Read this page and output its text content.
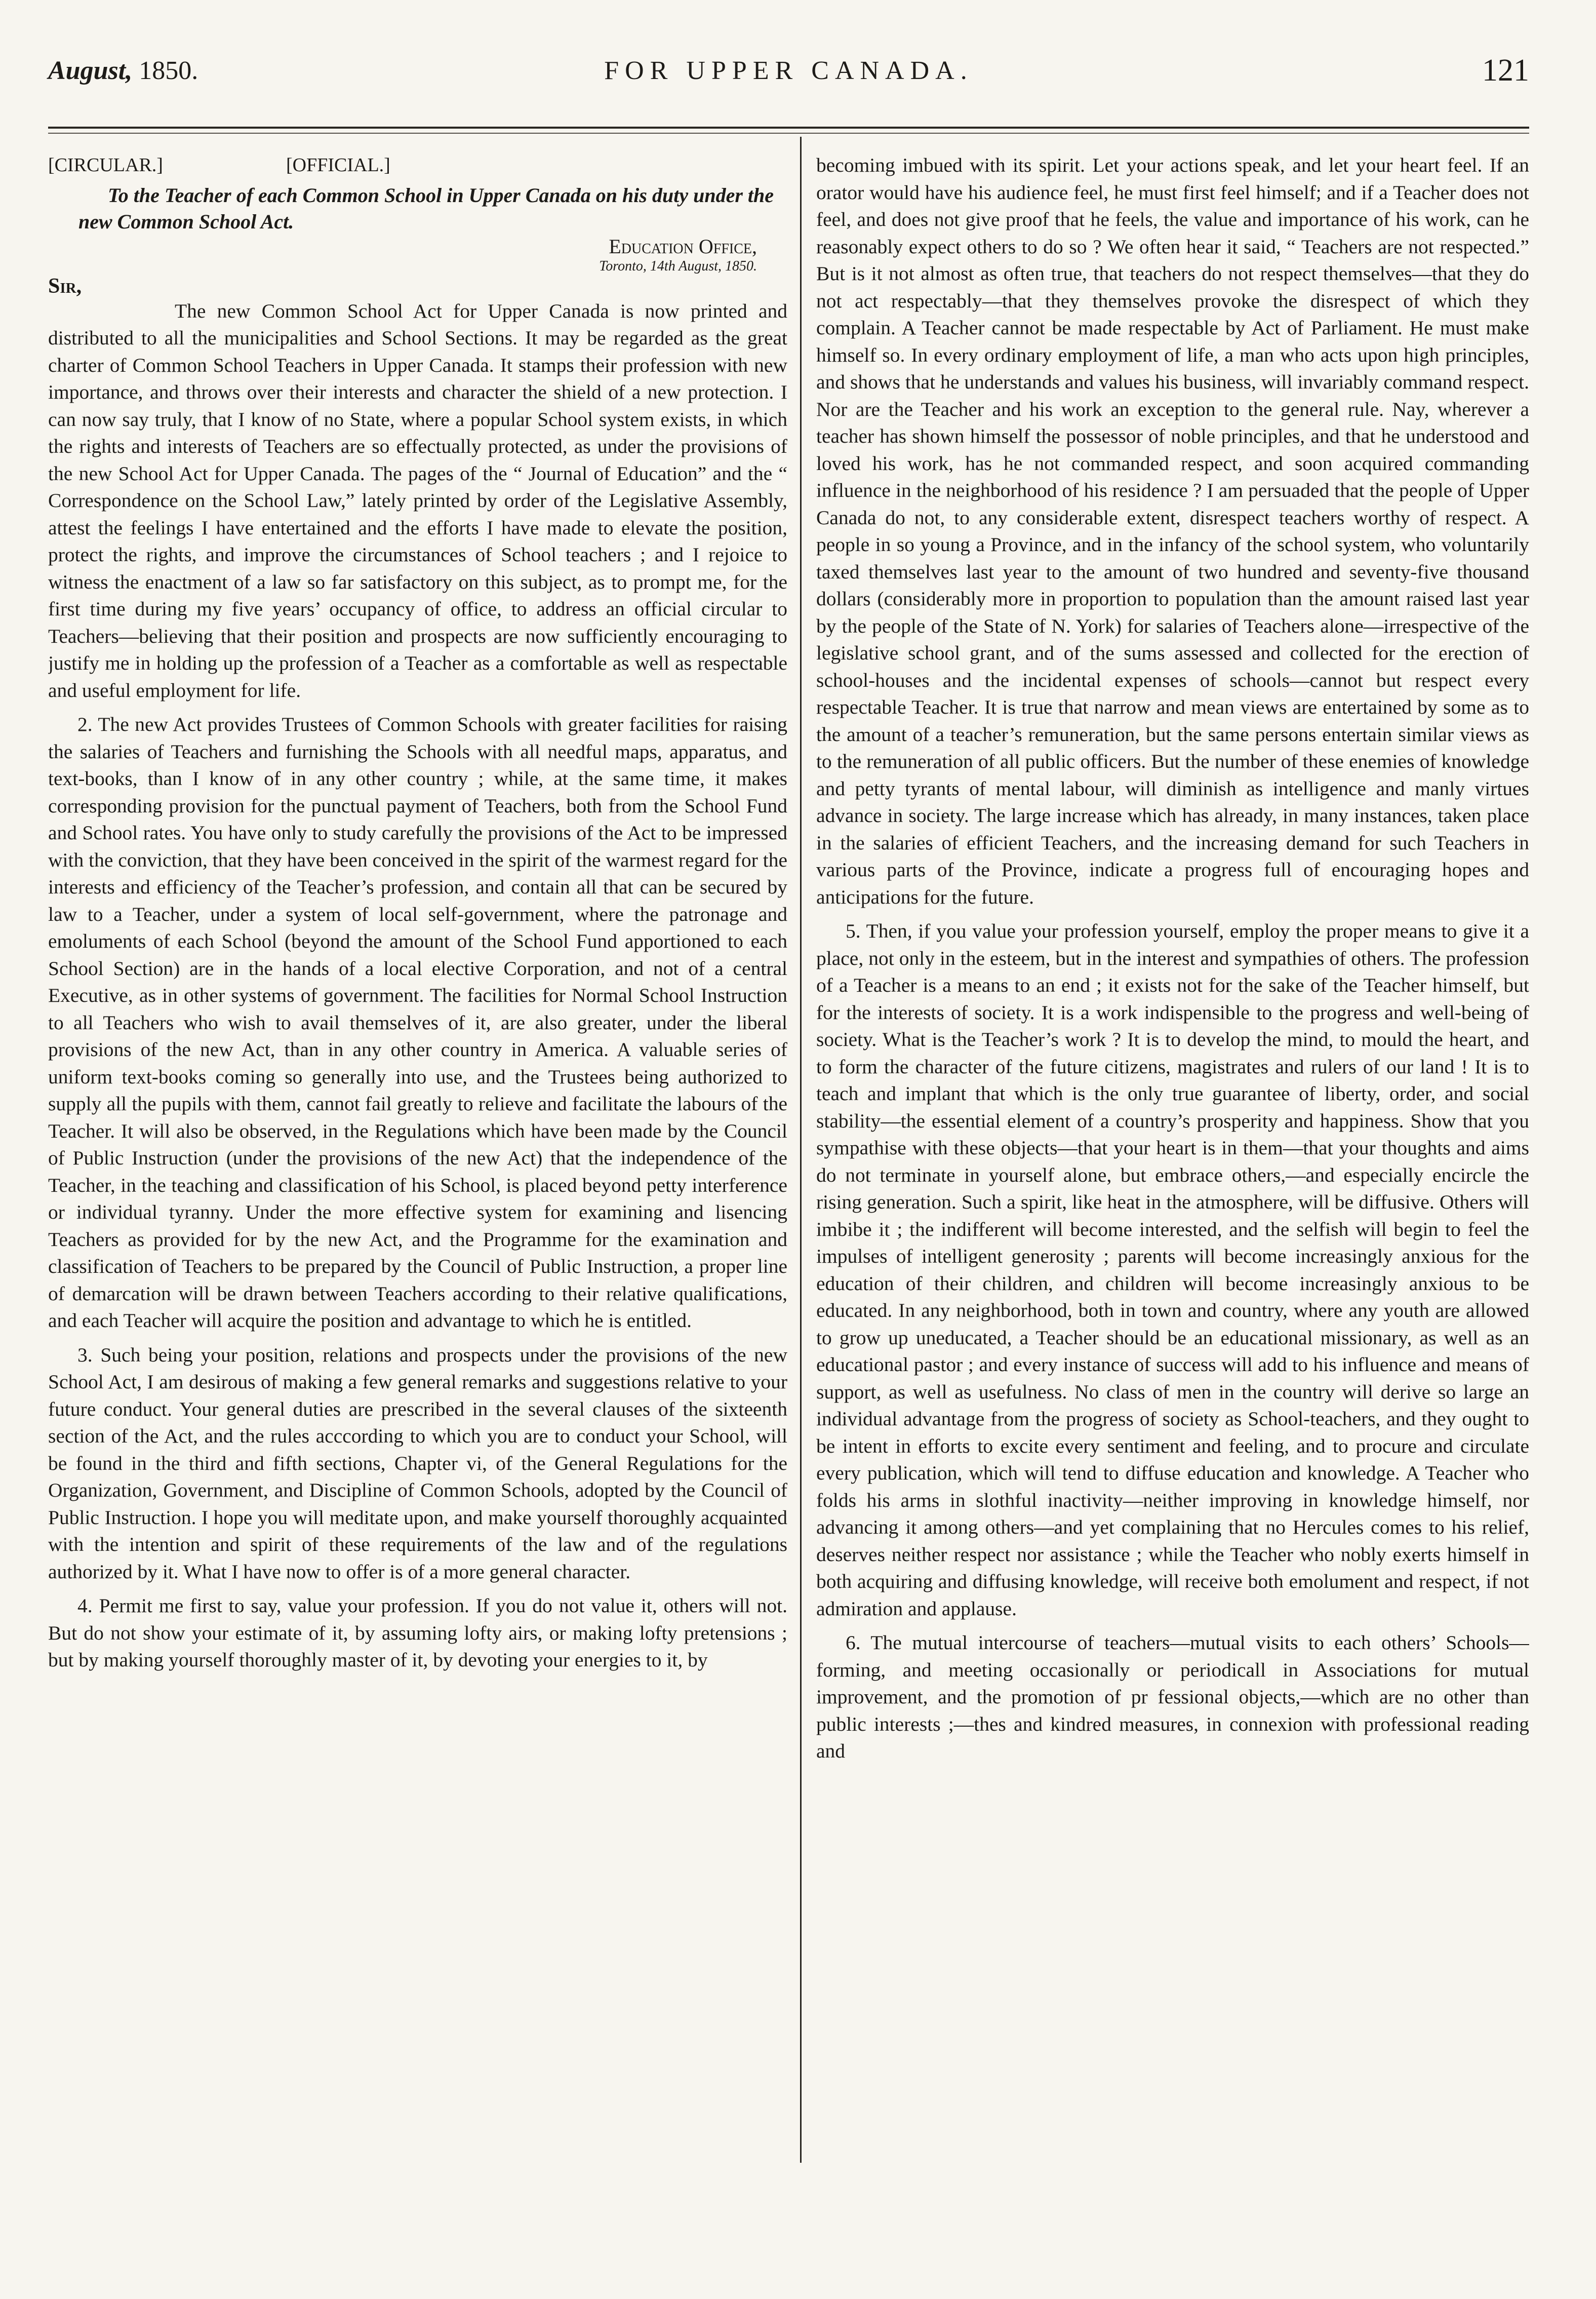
August, 1850.	FOR UPPER CANADA.	121
[CIRCULAR.]	[OFFICIAL.]

To the Teacher of each Common School in Upper Canada on his duty under the new Common School Act.

Education Office,
Toronto, 14th August, 1850.

Sir,

The new Common School Act for Upper Canada is now printed and distributed to all the municipalities and School Sections. It may be regarded as the great charter of Common School Teachers in Upper Canada. It stamps their profession with new importance, and throws over their interests and character the shield of a new protection. I can now say truly, that I know of no State, where a popular School system exists, in which the rights and interests of Teachers are so effectually protected, as under the provisions of the new School Act for Upper Canada. The pages of the “ Journal of Education” and the “ Correspondence on the School Law,” lately printed by order of the Legislative Assembly, attest the feelings I have entertained and the efforts I have made to elevate the position, protect the rights, and improve the circumstances of School teachers ; and I rejoice to witness the enactment of a law so far satisfactory on this subject, as to prompt me, for the first time during my five years’ occupancy of office, to address an official circular to Teachers—believing that their position and prospects are now sufficiently encouraging to justify me in holding up the profession of a Teacher as a comfortable as well as respectable and useful employment for life.

2. The new Act provides Trustees of Common Schools with greater facilities for raising the salaries of Teachers and furnishing the Schools with all needful maps, apparatus, and text-books, than I know of in any other country ; while, at the same time, it makes corresponding provision for the punctual payment of Teachers, both from the School Fund and School rates. You have only to study carefully the provisions of the Act to be impressed with the conviction, that they have been conceived in the spirit of the warmest regard for the interests and efficiency of the Teacher’s profession, and contain all that can be secured by law to a Teacher, under a system of local self-government, where the patronage and emoluments of each School (beyond the amount of the School Fund apportioned to each School Section) are in the hands of a local elective Corporation, and not of a central Executive, as in other systems of government. The facilities for Normal School Instruction to all Teachers who wish to avail themselves of it, are also greater, under the liberal provisions of the new Act, than in any other country in America. A valuable series of uniform text-books coming so generally into use, and the Trustees being authorized to supply all the pupils with them, cannot fail greatly to relieve and facilitate the labours of the Teacher. It will also be observed, in the Regulations which have been made by the Council of Public Instruction (under the provisions of the new Act) that the independence of the Teacher, in the teaching and classification of his School, is placed beyond petty interference or individual tyranny. Under the more effective system for examining and lisencing Teachers as provided for by the new Act, and the Programme for the examination and classification of Teachers to be prepared by the Council of Public Instruction, a proper line of demarcation will be drawn between Teachers according to their relative qualifications, and each Teacher will acquire the position and advantage to which he is entitled.

3. Such being your position, relations and prospects under the provisions of the new School Act, I am desirous of making a few general remarks and suggestions relative to your future conduct. Your general duties are prescribed in the several clauses of the sixteenth section of the Act, and the rules acccording to which you are to conduct your School, will be found in the third and fifth sections, Chapter vi, of the General Regulations for the Organization, Government, and Discipline of Common Schools, adopted by the Council of Public Instruction. I hope you will meditate upon, and make yourself thoroughly acquainted with the intention and spirit of these requirements of the law and of the regulations authorized by it. What I have now to offer is of a more general character.

4. Permit me first to say, value your profession. If you do not value it, others will not. But do not show your estimate of it, by assuming lofty airs, or making lofty pretensions ; but by making yourself thoroughly master of it, by devoting your energies to it, by

becoming imbued with its spirit. Let your actions speak, and let your heart feel. If an orator would have his audience feel, he must first feel himself; and if a Teacher does not feel, and does not give proof that he feels, the value and importance of his work, can he reasonably expect others to do so ? We often hear it said, “ Teachers are not respected.” But is it not almost as often true, that teachers do not respect themselves—that they do not act respectably—that they themselves provoke the disrespect of which they complain. A Teacher cannot be made respectable by Act of Parliament. He must make himself so. In every ordinary employment of life, a man who acts upon high principles, and shows that he understands and values his business, will invariably command respect. Nor are the Teacher and his work an exception to the general rule. Nay, wherever a teacher has shown himself the possessor of noble principles, and that he understood and loved his work, has he not commanded respect, and soon acquired commanding influence in the neighborhood of his residence ? I am persuaded that the people of Upper Canada do not, to any considerable extent, disrespect teachers worthy of respect. A people in so young a Province, and in the infancy of the school system, who voluntarily taxed themselves last year to the amount of two hundred and seventy-five thousand dollars (considerably more in proportion to population than the amount raised last year by the people of the State of N. York) for salaries of Teachers alone—irrespective of the legislative school grant, and of the sums assessed and collected for the erection of school-houses and the incidental expenses of schools—cannot but respect every respectable Teacher. It is true that narrow and mean views are entertained by some as to the amount of a teacher’s remuneration, but the same persons entertain similar views as to the remuneration of all public officers. But the number of these enemies of knowledge and petty tyrants of mental labour, will diminish as intelligence and manly virtues advance in society. The large increase which has already, in many instances, taken place in the salaries of efficient Teachers, and the increasing demand for such Teachers in various parts of the Province, indicate a progress full of encouraging hopes and anticipations for the future.

5. Then, if you value your profession yourself, employ the proper means to give it a place, not only in the esteem, but in the interest and sympathies of others. The profession of a Teacher is a means to an end ; it exists not for the sake of the Teacher himself, but for the interests of society. It is a work indispensible to the progress and well-being of society. What is the Teacher’s work ? It is to develop the mind, to mould the heart, and to form the character of the future citizens, magistrates and rulers of our land ! It is to teach and implant that which is the only true guarantee of liberty, order, and social stability—the essential element of a country’s prosperity and happiness. Show that you sympathise with these objects—that your heart is in them—that your thoughts and aims do not terminate in yourself alone, but embrace others,—and especially encircle the rising generation. Such a spirit, like heat in the atmosphere, will be diffusive. Others will imbibe it ; the indifferent will become interested, and the selfish will begin to feel the impulses of intelligent generosity ; parents will become increasingly anxious for the education of their children, and children will become increasingly anxious to be educated. In any neighborhood, both in town and country, where any youth are allowed to grow up uneducated, a Teacher should be an educational missionary, as well as an educational pastor ; and every instance of success will add to his influence and means of support, as well as usefulness. No class of men in the country will derive so large an individual advantage from the progress of society as School-teachers, and they ought to be intent in efforts to excite every sentiment and feeling, and to procure and circulate every publication, which will tend to diffuse education and knowledge. A Teacher who folds his arms in slothful inactivity—neither improving in knowledge himself, nor advancing it among others—and yet complaining that no Hercules comes to his relief, deserves neither respect nor assistance ; while the Teacher who nobly exerts himself in both acquiring and diffusing knowledge, will receive both emolument and respect, if not admiration and applause.

6. The mutual intercourse of teachers—mutual visits to each others’ Schools—forming, and meeting occasionally or periodicall in Associations for mutual improvement, and the promotion of pr fessional objects,—which are no other than public interests ;—thes and kindred measures, in connexion with professional reading and
